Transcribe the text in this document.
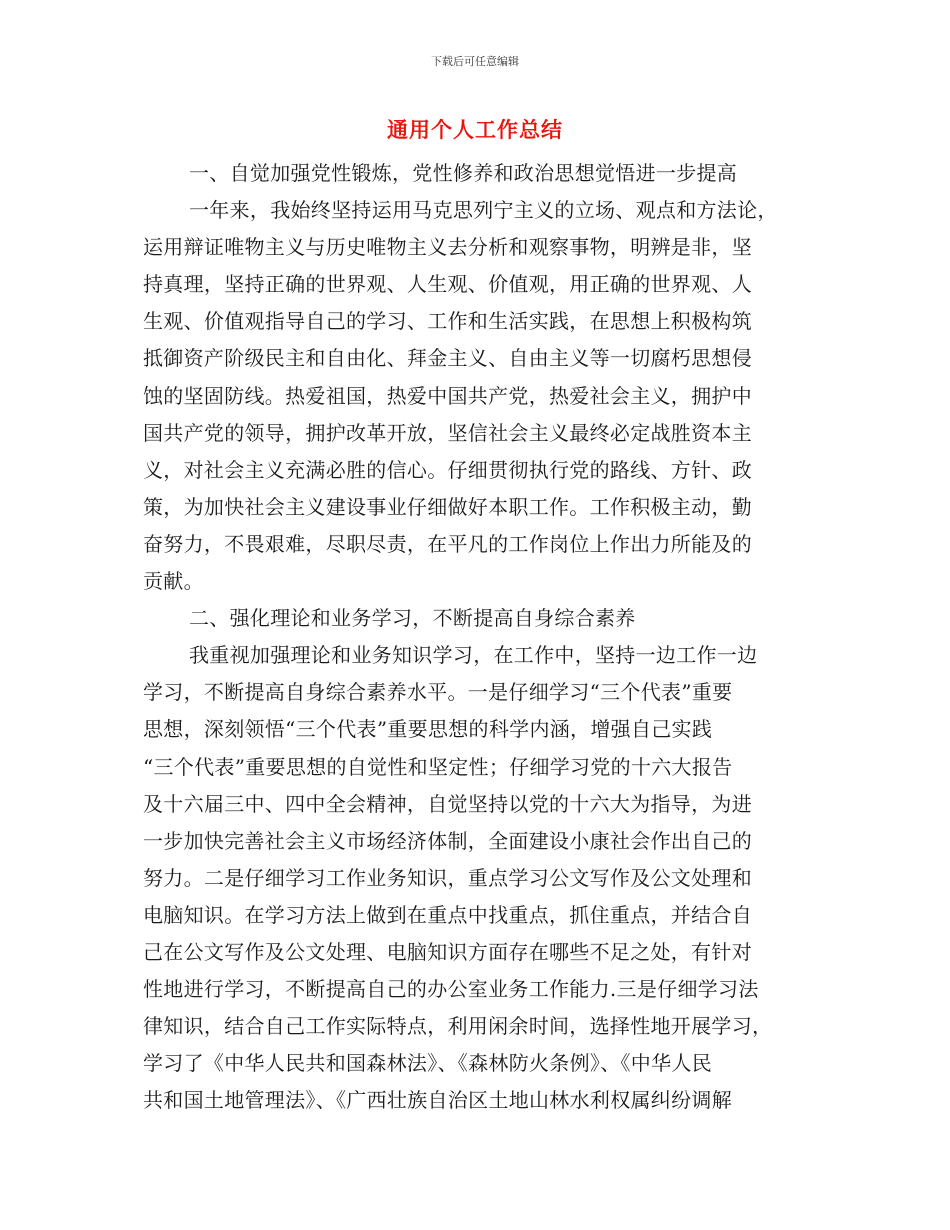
下载后可任意编辑
通用个人工作总结
一、自觉加强党性锻炼，党性修养和政治思想觉悟进一步提高
一年来，我始终坚持运用马克思列宁主义的立场、观点和方法论，
运用辩证唯物主义与历史唯物主义去分析和观察事物，明辨是非，坚
持真理，坚持正确的世界观、人生观、价值观，用正确的世界观、人
生观、价值观指导自己的学习、工作和生活实践，在思想上积极构筑
抵御资产阶级民主和自由化、拜金主义、自由主义等一切腐朽思想侵
蚀的坚固防线。热爱祖国，热爱中国共产党，热爱社会主义，拥护中
国共产党的领导，拥护改革开放，坚信社会主义最终必定战胜资本主
义，对社会主义充满必胜的信心。仔细贯彻执行党的路线、方针、政
策，为加快社会主义建设事业仔细做好本职工作。工作积极主动，勤
奋努力，不畏艰难，尽职尽责，在平凡的工作岗位上作出力所能及的
贡献。
二、强化理论和业务学习，不断提高自身综合素养
我重视加强理论和业务知识学习，在工作中，坚持一边工作一边
学习，不断提高自身综合素养水平。一是仔细学习“三个代表”重要
思想，深刻领悟“三个代表”重要思想的科学内涵，增强自己实践
“三个代表”重要思想的自觉性和坚定性；仔细学习党的十六大报告
及十六届三中、四中全会精神，自觉坚持以党的十六大为指导，为进
一步加快完善社会主义市场经济体制，全面建设小康社会作出自己的
努力。二是仔细学习工作业务知识，重点学习公文写作及公文处理和
电脑知识。在学习方法上做到在重点中找重点，抓住重点，并结合自
己在公文写作及公文处理、电脑知识方面存在哪些不足之处，有针对
性地进行学习，不断提高自己的办公室业务工作能力.三是仔细学习法
律知识，结合自己工作实际特点，利用闲余时间，选择性地开展学习，
学习了《中华人民共和国森林法》、《森林防火条例》、《中华人民
共和国土地管理法》、《广西壮族自治区土地山林水利权属纠纷调解
